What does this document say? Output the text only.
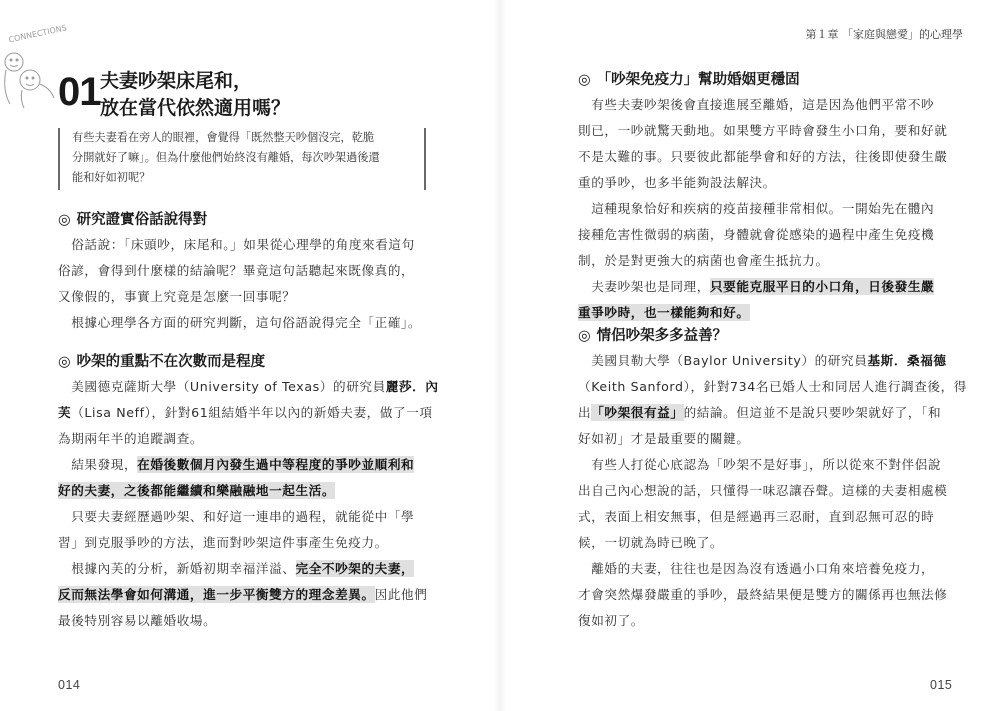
CONNECTIONS
01 夫妻吵架床尾和，
放在當代依然適用嗎？
有些夫妻看在旁人的眼裡，會覺得「既然整天吵個沒完，乾脆
分開就好了嘛」。但為什麼他們始終沒有離婚，每次吵架過後還
能和好如初呢？
◎ 研究證實俗話說得對
　俗話說：「床頭吵，床尾和。」如果從心理學的角度來看這句
俗諺，會得到什麼樣的結論呢？畢竟這句話聽起來既像真的，
又像假的，事實上究竟是怎麼一回事呢？
　根據心理學各方面的研究判斷，這句俗語說得完全「正確」。
◎ 吵架的重點不在次數而是程度
　美國德克薩斯大學（University of Texas）的研究員麗莎．內
芙（Lisa Neff），針對61組結婚半年以內的新婚夫妻，做了一項
為期兩年半的追蹤調查。
　結果發現，在婚後數個月內發生過中等程度的爭吵並順利和
好的夫妻，之後都能繼續和樂融融地一起生活。
　只要夫妻經歷過吵架、和好這一連串的過程，就能從中「學
習」到克服爭吵的方法，進而對吵架這件事產生免疫力。
　根據內芙的分析，新婚初期幸福洋溢、完全不吵架的夫妻，
反而無法學會如何溝通，進一步平衡雙方的理念差異。因此他們
最後特別容易以離婚收場。
014
第１章 「家庭與戀愛」的心理學
◎ 「吵架免疫力」幫助婚姻更穩固
　有些夫妻吵架後會直接進展至離婚，這是因為他們平常不吵
則已，一吵就驚天動地。如果雙方平時會發生小口角，要和好就
不是太難的事。只要彼此都能學會和好的方法，往後即使發生嚴
重的爭吵，也多半能夠設法解決。
　這種現象恰好和疾病的疫苗接種非常相似。一開始先在體內
接種危害性微弱的病菌，身體就會從感染的過程中產生免疫機
制，於是對更強大的病菌也會產生抵抗力。
　夫妻吵架也是同理，只要能克服平日的小口角，日後發生嚴
重爭吵時，也一樣能夠和好。
◎ 情侶吵架多多益善？
　美國貝勒大學（Baylor University）的研究員基斯．桑福德
（Keith Sanford），針對734名已婚人士和同居人進行調查後，得
出「吵架很有益」的結論。但這並不是說只要吵架就好了，「和
好如初」才是最重要的關鍵。
　有些人打從心底認為「吵架不是好事」，所以從來不對伴侶說
出自己內心想說的話，只懂得一味忍讓吞聲。這樣的夫妻相處模
式，表面上相安無事，但是經過再三忍耐，直到忍無可忍的時
候，一切就為時已晚了。
　離婚的夫妻，往往也是因為沒有透過小口角來培養免疫力，
才會突然爆發嚴重的爭吵，最終結果便是雙方的關係再也無法修
復如初了。
015
